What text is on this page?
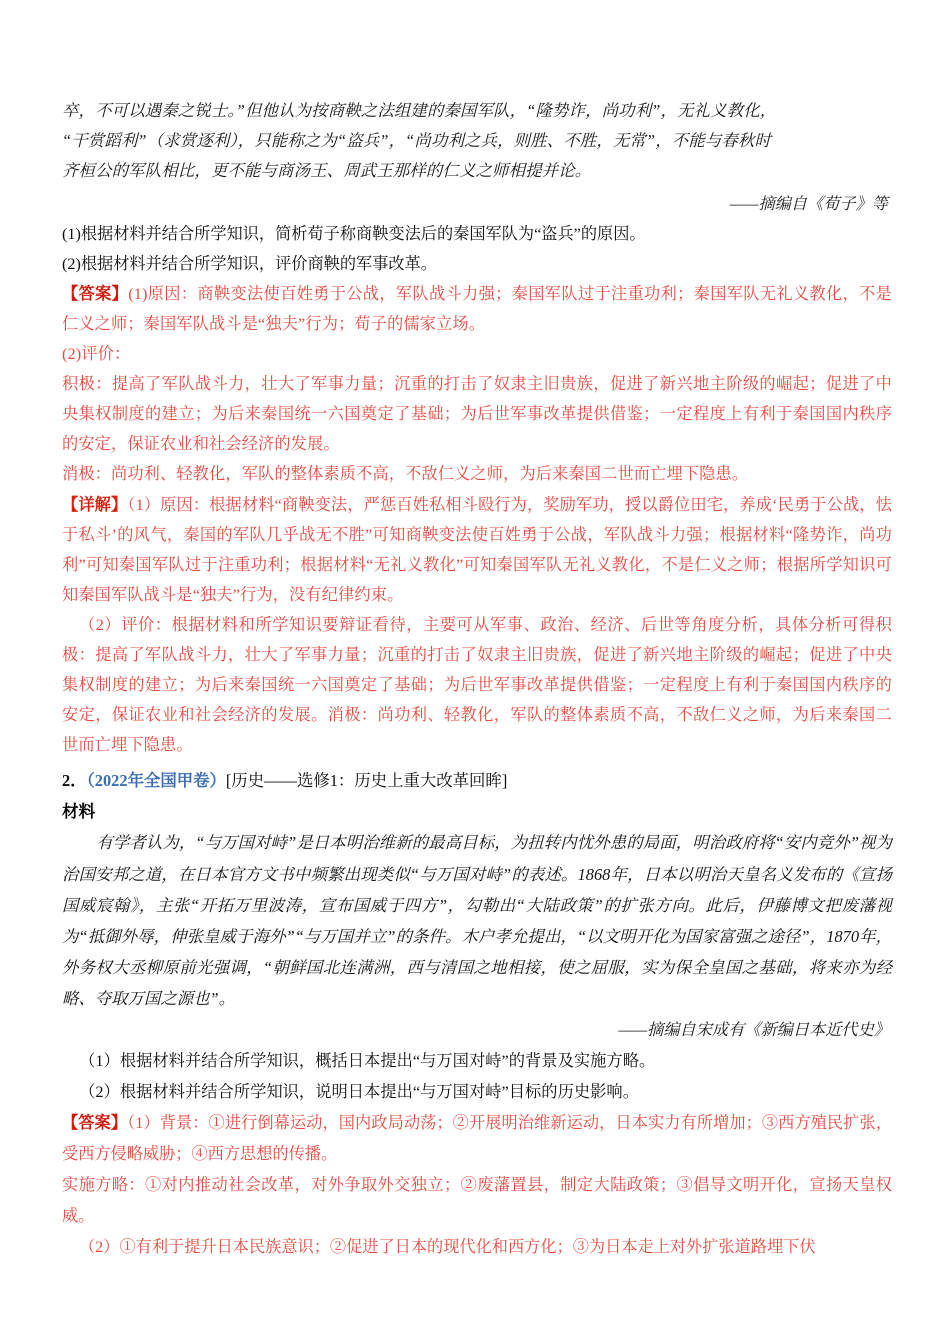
卒，不可以遇秦之锐士。”但他认为按商鞅之法组建的秦国军队，“隆势诈，尚功利”，无礼义教化，
“干赏蹈利”（求赏逐利），只能称之为“盗兵”，“尚功利之兵，则胜、不胜，无常”，不能与春秋时
齐桓公的军队相比，更不能与商汤王、周武王那样的仁义之师相提并论。
——摘编自《荀子》等
(1)根据材料并结合所学知识，简析荀子称商鞅变法后的秦国军队为“盗兵”的原因。
(2)根据材料并结合所学知识，评价商鞅的军事改革。
【答案】(1)原因：商鞅变法使百姓勇于公战，军队战斗力强；秦国军队过于注重功利；秦国军队无礼义教化，不是仁义之师；秦国军队战斗是“独夫”行为；荀子的儒家立场。
(2)评价：
积极：提高了军队战斗力，壮大了军事力量；沉重的打击了奴隶主旧贵族，促进了新兴地主阶级的崛起；促进了中央集权制度的建立；为后来秦国统一六国奠定了基础；为后世军事改革提供借鉴；一定程度上有利于秦国国内秩序的安定，保证农业和社会经济的发展。
消极：尚功利、轻教化，军队的整体素质不高，不敌仁义之师，为后来秦国二世而亡埋下隐患。
【详解】（1）原因：根据材料“商鞅变法，严惩百姓私相斗殴行为，奖励军功，授以爵位田宅，养成‘民勇于公战，怯于私斗’的风气，秦国的军队几乎战无不胜”可知商鞅变法使百姓勇于公战，军队战斗力强；根据材料“隆势诈，尚功利”可知秦国军队过于注重功利；根据材料“无礼义教化”可知秦国军队无礼义教化，不是仁义之师；根据所学知识可知秦国军队战斗是“独夫”行为，没有纪律约束。
（2）评价：根据材料和所学知识要辩证看待，主要可从军事、政治、经济、后世等角度分析，具体分析可得积极：提高了军队战斗力，壮大了军事力量；沉重的打击了奴隶主旧贵族，促进了新兴地主阶级的崛起；促进了中央集权制度的建立；为后来秦国统一六国奠定了基础；为后世军事改革提供借鉴；一定程度上有利于秦国国内秩序的安定，保证农业和社会经济的发展。消极：尚功利、轻教化，军队的整体素质不高，不敌仁义之师，为后来秦国二世而亡埋下隐患。
2．（2022年全国甲卷）[历史——选修1：历史上重大改革回眸]
材料
有学者认为，“与万国对峙”是日本明治维新的最高目标，为扭转内忧外患的局面，明治政府将“安内竞外”视为治国安邦之道，在日本官方文书中频繁出现类似“与万国对峙”的表述。1868年，日本以明治天皇名义发布的《宣扬国威宸翰》，主张“开拓万里波涛，宣布国威于四方”，勾勒出“大陆政策”的扩张方向。此后，伊藤博文把废藩视为“抵御外辱，伸张皇威于海外”“与万国并立”的条件。木户孝允提出，“以文明开化为国家富强之途径”，1870年，外务权大丞柳原前光强调，“朝鲜国北连满洲，西与清国之地相接，使之屈服，实为保全皇国之基础，将来亦为经略、夺取万国之源也”。
——摘编自宋成有《新编日本近代史》
（1）根据材料并结合所学知识，概括日本提出“与万国对峙”的背景及实施方略。
（2）根据材料并结合所学知识，说明日本提出“与万国对峙”目标的历史影响。
【答案】（1）背景：①进行倒幕运动，国内政局动荡；②开展明治维新运动，日本实力有所增加；③西方殖民扩张，受西方侵略威胁；④西方思想的传播。
实施方略：①对内推动社会改革，对外争取外交独立；②废藩置县，制定大陆政策；③倡导文明开化，宣扬天皇权威。
（2）①有利于提升日本民族意识；②促进了日本的现代化和西方化；③为日本走上对外扩张道路埋下伏
